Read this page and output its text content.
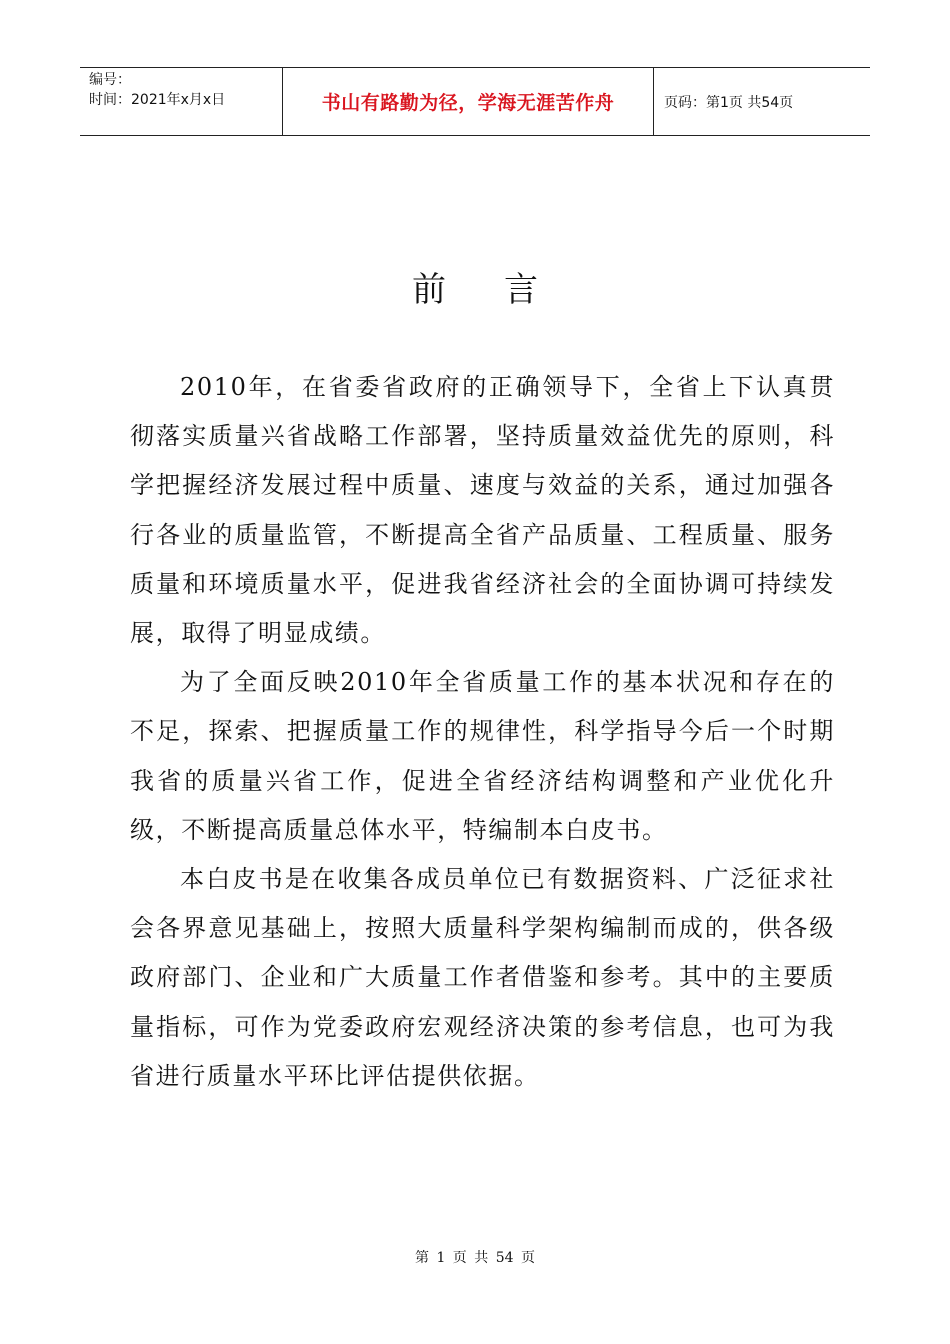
编号：
时间：2021年x月x日	书山有路勤为径，学海无涯苦作舟	页码：第1页 共54页
前言

2010年，在省委省政府的正确领导下，全省上下认真贯彻落实质量兴省战略工作部署，坚持质量效益优先的原则，科学把握经济发展过程中质量、速度与效益的关系，通过加强各行各业的质量监管，不断提高全省产品质量、工程质量、服务质量和环境质量水平，促进我省经济社会的全面协调可持续发展，取得了明显成绩。

为了全面反映2010年全省质量工作的基本状况和存在的不足，探索、把握质量工作的规律性，科学指导今后一个时期我省的质量兴省工作，促进全省经济结构调整和产业优化升级，不断提高质量总体水平，特编制本白皮书。

本白皮书是在收集各成员单位已有数据资料、广泛征求社会各界意见基础上，按照大质量科学架构编制而成的，供各级政府部门、企业和广大质量工作者借鉴和参考。其中的主要质量指标，可作为党委政府宏观经济决策的参考信息，也可为我省进行质量水平环比评估提供依据。

第 1 页 共 54 页
